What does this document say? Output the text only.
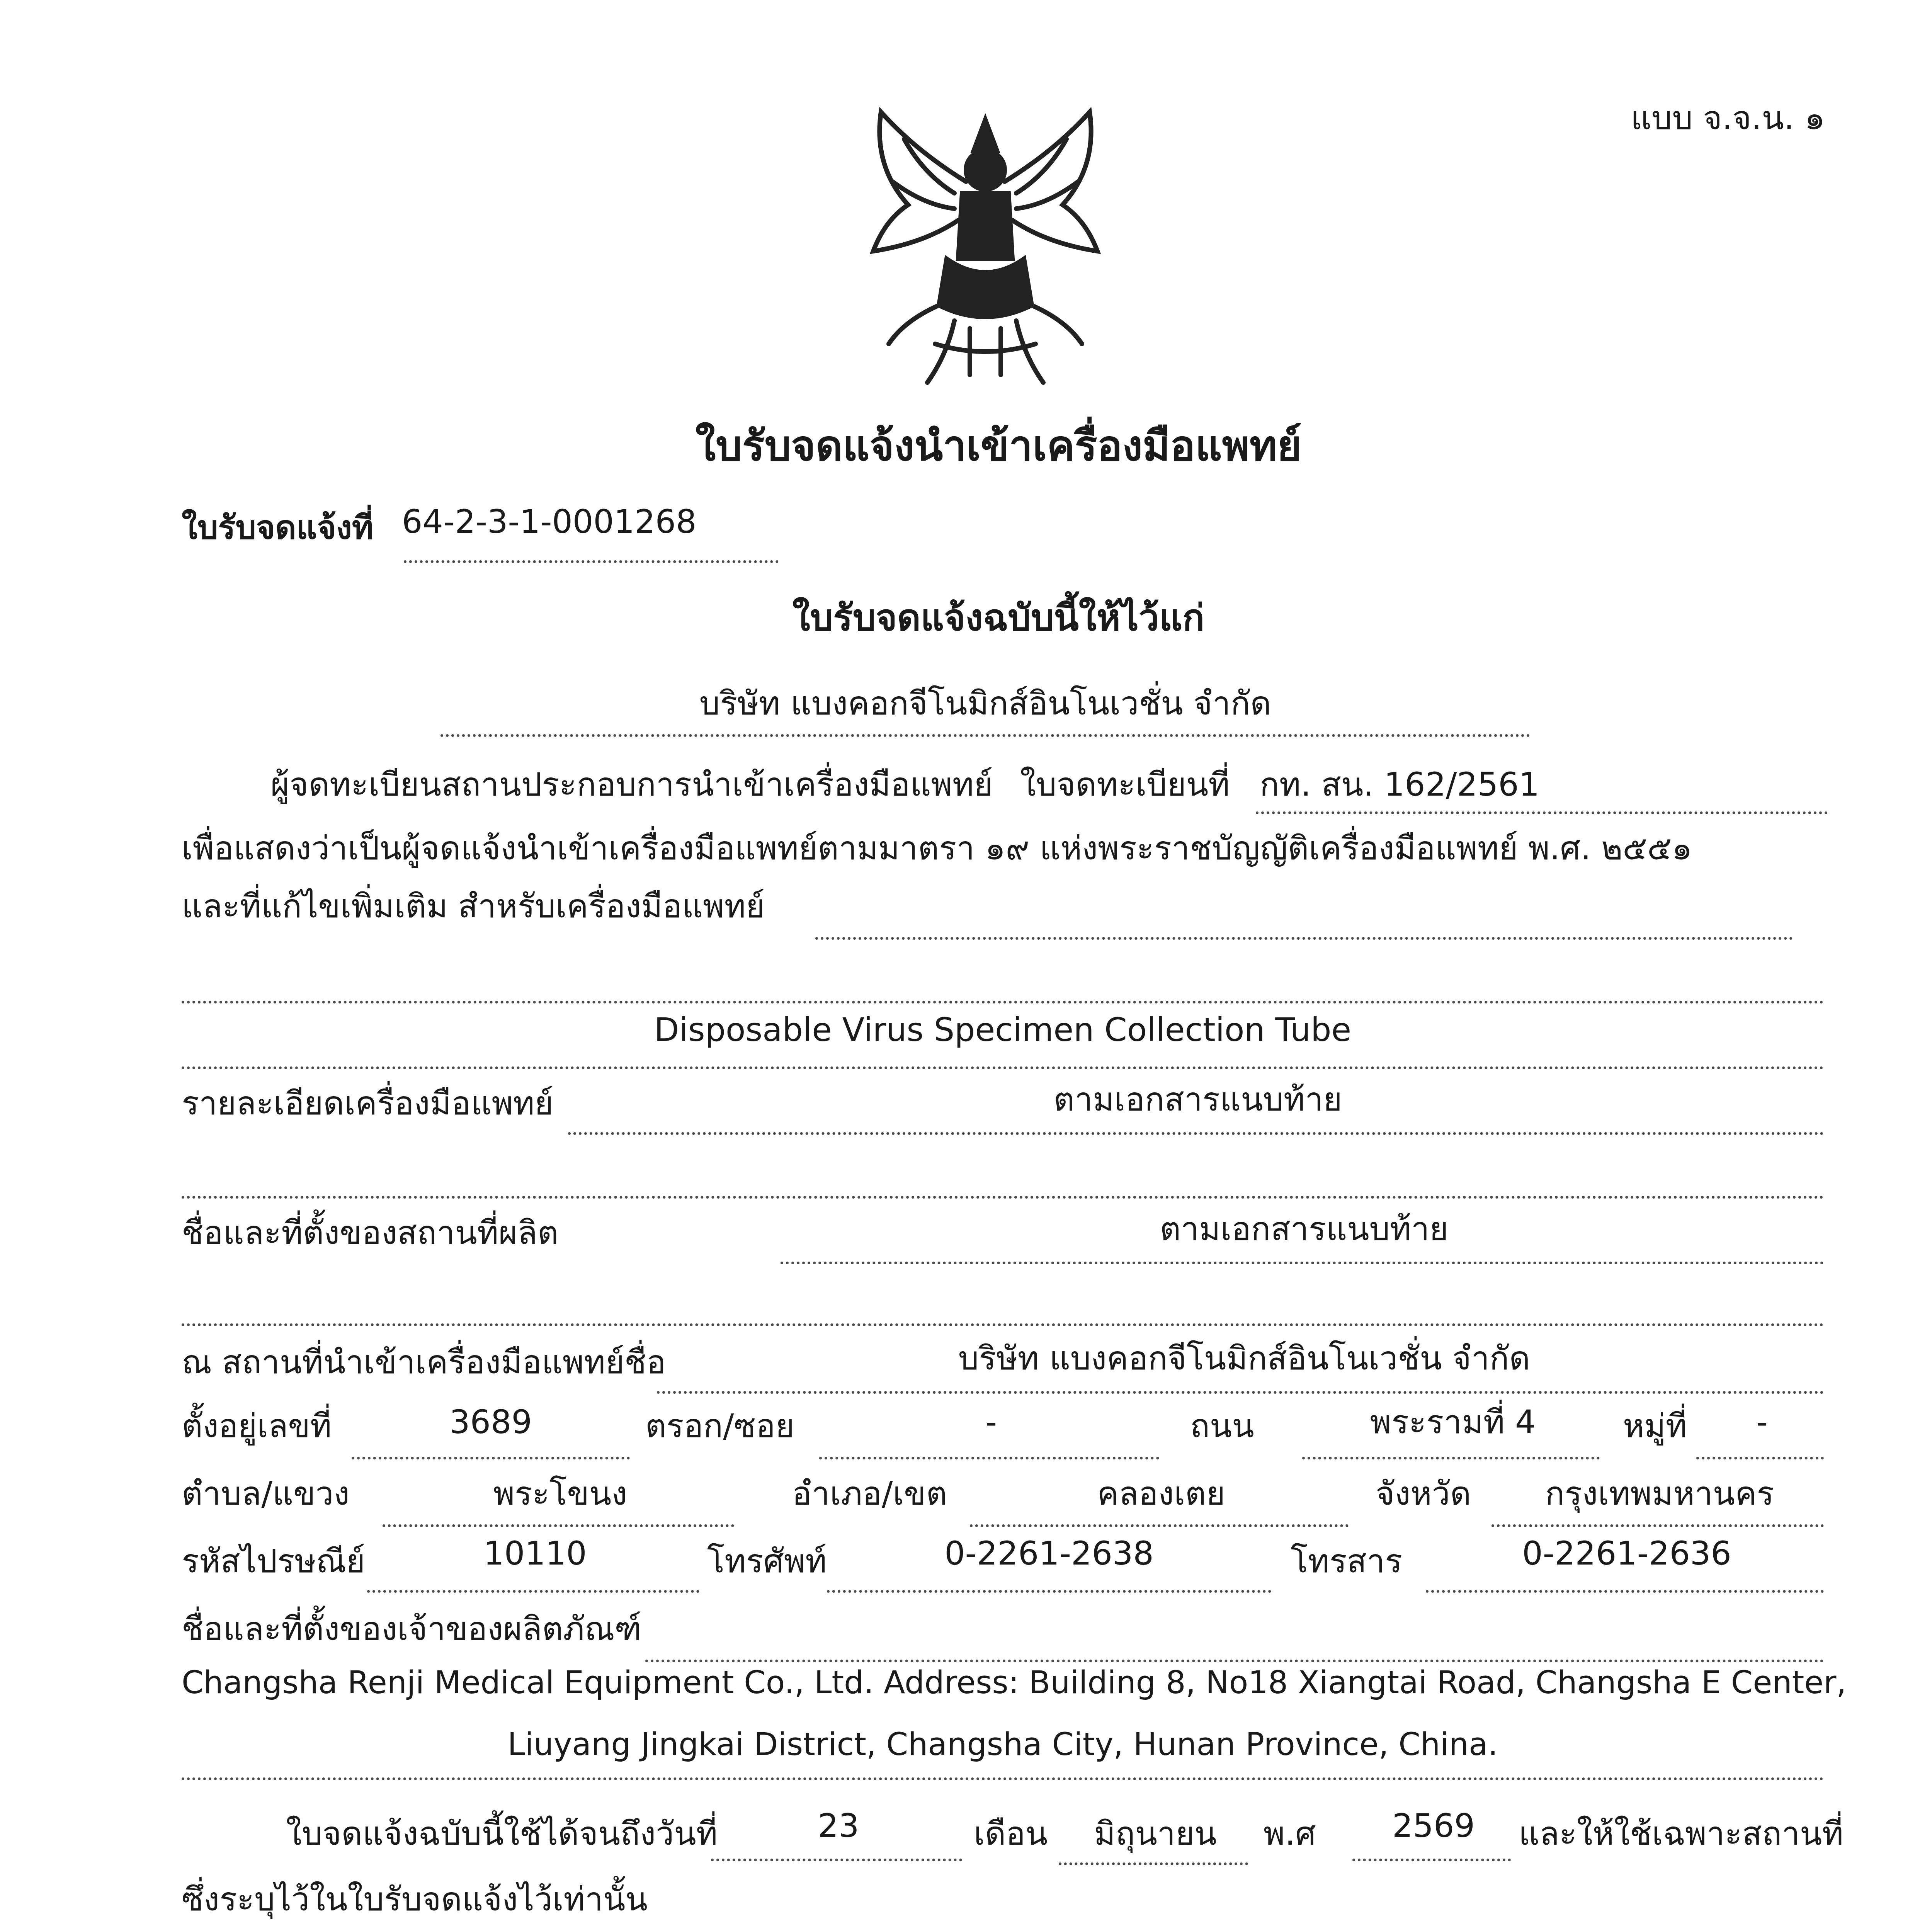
แบบ จ.จ.น. ๑
ใบรับจดแจ้งนำเข้าเครื่องมือแพทย์
ใบรับจดแจ้งที่ 64-2-3-1-0001268
ใบรับจดแจ้งฉบับนี้ให้ไว้แก่
บริษัท แบงคอกจีโนมิกส์อินโนเวชั่น จำกัด
ผู้จดทะเบียนสถานประกอบการนำเข้าเครื่องมือแพทย์ ใบจดทะเบียนที่ กท. สน. 162/2561
เพื่อแสดงว่าเป็นผู้จดแจ้งนำเข้าเครื่องมือแพทย์ตามมาตรา ๑๙ แห่งพระราชบัญญัติเครื่องมือแพทย์ พ.ศ. ๒๕๕๑
และที่แก้ไขเพิ่มเติม สำหรับเครื่องมือแพทย์
Disposable Virus Specimen Collection Tube
รายละเอียดเครื่องมือแพทย์	ตามเอกสารแนบท้าย
ชื่อและที่ตั้งของสถานที่ผลิต	ตามเอกสารแนบท้าย
ณ สถานที่นำเข้าเครื่องมือแพทย์ชื่อ	บริษัท แบงคอกจีโนมิกส์อินโนเวชั่น จำกัด
ตั้งอยู่เลขที่	3689	ตรอก/ซอย	-	ถนน	พระรามที่ 4	หมู่ที่	-
ตำบล/แขวง	พระโขนง	อำเภอ/เขต	คลองเตย	จังหวัด	กรุงเทพมหานคร
รหัสไปรษณีย์	10110	โทรศัพท์	0-2261-2638	โทรสาร	0-2261-2636
ชื่อและที่ตั้งของเจ้าของผลิตภัณฑ์
Changsha Renji Medical Equipment Co., Ltd. Address: Building 8, No18 Xiangtai Road, Changsha E Center,
Liuyang Jingkai District, Changsha City, Hunan Province, China.
ใบจดแจ้งฉบับนี้ใช้ได้จนถึงวันที่	23	เดือน	มิถุนายน	พ.ศ	2569	และให้ใช้เฉพาะสถานที่
ซึ่งระบุไว้ในใบรับจดแจ้งไว้เท่านั้น
